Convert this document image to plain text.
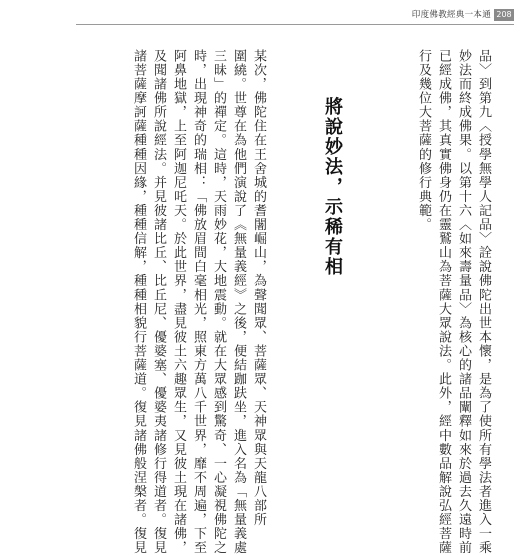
印度佛教經典一本通 208
品〉到第九〈授學無學人記品〉詮說佛陀出世本懷，是為了使所有學法者進入一乘
妙法而終成佛果。以第十六〈如來壽量品〉為核心的諸品闡釋如來於過去久遠時前
已經成佛，其真實佛身仍在靈鷲山為菩薩大眾說法。此外，經中數品解說弘經菩薩
行及幾位大菩薩的修行典範。
將說妙法，示稀有相
某次，佛陀住在王舍城的耆闍崛山，為聲聞眾、菩薩眾、天神眾與天龍八部所
圍繞。世尊在為他們演說了《無量義經》之後，便結跏趺坐，進入名為「無量義處
三昧」的禪定。這時，天雨妙花，大地震動。就在大眾感到驚奇、一心凝視佛陀之
時，出現神奇的瑞相：「佛放眉間白毫相光，照東方萬八千世界，靡不周遍，下至
阿鼻地獄，上至阿迦尼吒天。於此世界，盡見彼土六趣眾生，又見彼土現在諸佛，
及聞諸佛所說經法。并見彼諸比丘、比丘尼、優婆塞、優婆夷諸修行得道者。復見
諸菩薩摩訶薩種種因緣，種種信解，種種相貌行菩薩道。復見諸佛般涅槃者。復見
